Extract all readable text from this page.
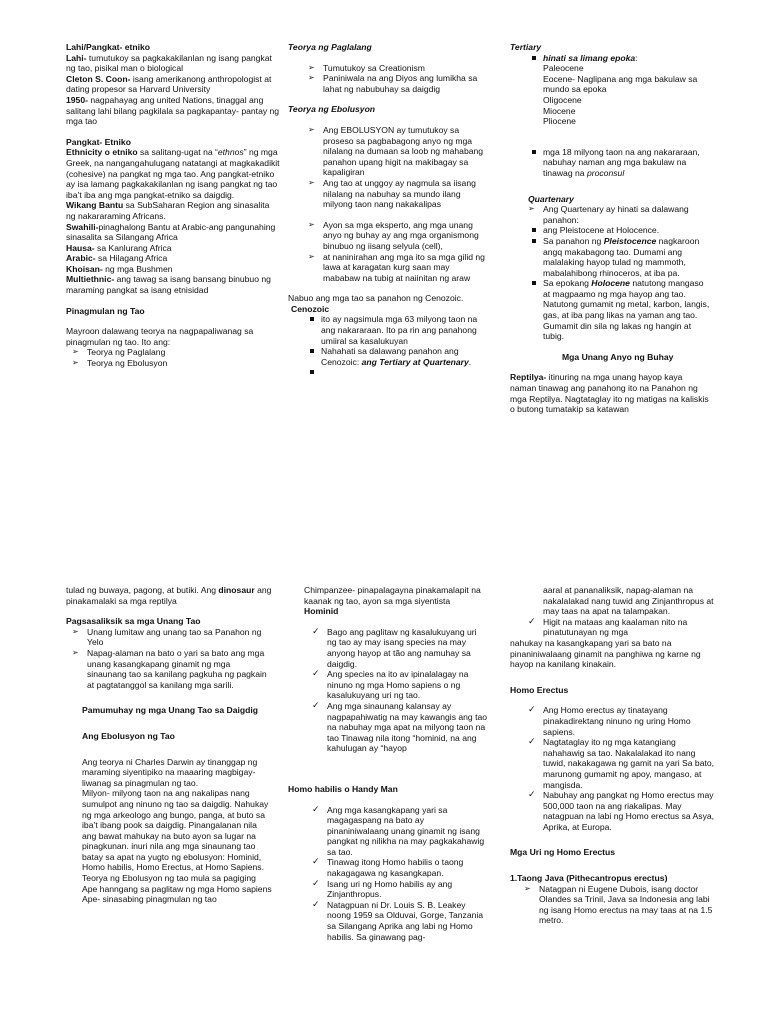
Lahi/Pangkat- etniko

Lahi- tumutukoy sa pagkakakilanlan ng isang pangkat ng tao, pisikal man o biological

Cleton S. Coon- isang amerikanong anthropologist at dating propesor sa Harvard University

1950- nagpahayag ang united Nations, tinaggal ang salitang lahi bilang pagkilala sa pagkapantay- pantay ng mga tao

Pangkat- Etniko

Ethnicity o etniko sa salitang-ugat na “ethnos” ng mga Greek, na nangangahulugang natatangi at magkakadikit (cohesive) na pangkat ng mga tao. Ang pangkat-etniko ay isa lamang pagkakakilanlan ng isang pangkat ng tao iba’t iba ang mga pangkat-etniko sa daigdig.

Wikang Bantu sa SubSaharan Region ang sinasalita ng nakararaming Africans.

Swahili-pinaghalong Bantu at Arabic-ang pangunahing sinasalita sa Silangang Africa

Hausa- sa Kanlurang Africa

Arabic- sa Hilagang Africa

Khoisan- ng mga Bushmen

Multiethnic- ang tawag sa isang bansang binubuo ng maraming pangkat sa isang etnisidad

Pinagmulan ng Tao

Mayroon dalawang teorya na nagpapaliwanag sa pinagmulan ng tao. Ito ang:

➢ Teorya ng Paglalang
➢ Teorya ng Ebolusyon

Teorya ng Paglalang

➢ Tumutukoy sa Creationism
➢ Paniniwala na ang Diyos ang lumikha sa lahat ng nabubuhay sa daigdig

Teorya ng Ebolusyon

➢ Ang EBOLUSYON ay tumutukoy sa proseso sa pagbabagong anyo ng mga nilalang na dumaan sa loob ng mahabang panahon upang higit na makibagay sa kapaligiran
➢ Ang tao at unggoy ay nagmula sa iisang nilalang na nabuhay sa mundo ilang milyong taon nang nakakalipas
➢ Ayon sa mga eksperto, ang mga unang anyo ng buhay ay ang mga organismong binubuo ng iisang selyula (cell),
➢ at naninirahan ang mga ito sa mga gilid ng lawa at karagatan kurg saan may mababaw na tubig at naiinitan ng araw

Nabuo ang mga tao sa panahon ng Cenozoic.

Cenozoic

ito ay nagsimula mga 63 milyong taon na ang nakararaan. Ito pa rin ang panahong umiiral sa kasalukuyan
Nahahati sa dalawang panahon ang Cenozoic: ang Tertiary at Quartenary.

Tertiary

hinati sa limang epoka:

Paleocene

Eocene- Naglipana ang mga bakulaw sa mundo sa epoka

Oligocene

Miocene

Pliocene

mga 18 milyong taon na ang nakararaan, nabuhay naman ang mga bakulaw na tinawag na proconsul

Quartenary

➢ Ang Quartenary ay hinati sa dalawang panahon:
ang Pleistocene at Holocence.
Sa panahon ng Pleistocence nagkaroon angq makabagong tao. Dumami ang malalaking hayop tulad ng mammoth, mabalahibong rhinoceros, at iba pa.
Sa epokang Holocene natutong mangaso at magpaamo ng mga hayop ang tao. Natutong gumamit ng metal, karbon, langis, gas, at iba pang likas na yaman ang tao. Gumamit din sila ng lakas ng hangin at tubig.

Mga Unang Anyo ng Buhay

Reptilya- itinuring na mga unang hayop kaya naman tinawag ang panahong ito na Panahon ng mga Reptilya. Nagtataglay ito ng matigas na kaliskis o butong tumatakip sa katawan

tulad ng buwaya, pagong, at butiki. Ang dinosaur ang pinakamalaki sa mga reptilya

Pagsasaliksik sa mga Unang Tao

➢ Unang lumitaw ang unang tao sa Panahon ng Yelo
➢ Napag-alaman na bato o yari sa bato ang mga unang kasangkapang ginamit ng mga sinaunang tao sa kanilang pagkuha ng pagkain at pagtatanggol sa kanilang mga sarili.

Pamumuhay ng mga Unang Tao sa Daigdig

Ang Ebolusyon ng Tao

Ang teorya ni Charles Darwin ay tinanggap ng maraming siyentipiko na maaaring magbigay- liwanag sa pinagmulan ng tao.

Milyon- milyong taon na ang nakalipas nang sumulpot ang ninuno ng tao sa daigdig. Nahukay ng mga arkeologo ang bungo, panga, at buto sa iba’t ibang pook sa daigdig. Pinangalanan nila ang bawat mahukay na buto ayon sa lugar na pinagkunan. inuri nila ang mga sinaunang tao batay sa apat na yugto ng ebolusyon: Hominid, Homo habilis, Homo Erectus, at Homo Sapiens.

Teorya ng Ebolusyon ng tao mula sa pagiging Ape hanngang sa paglitaw ng mga Homo sapiens

Ape- sinasabing pinagmulan ng tao

Chimpanzee- pinapalagayna pinakamalapit na kaanak ng tao, ayon sa mga siyentista

Hominid

✓ Bago ang paglitaw ng kasalukuyang uri ng tao ay may isang species na may anyong hayop at tão ang namuhay sa daigdig.
✓ Ang species na ito av ipinalalagay na ninuno ng mga Homo sapiens o ng kasalukuyang uri ng tao.
✓ Ang mga sinaunang kalansay ay nagpapahiwatig na may kawangis ang tao na nabuhay mga apat na milyong taon na tao Tinawag nila itong “hominid, na ang kahulugan ay “hayop

Homo habilis o Handy Man

✓ Ang mga kasangkapang yari sa magagaspang na bato ay pinaniniwalaang unang ginamit ng isang pangkat ng nilikha na may pagkakahawig sa tao.
✓ Tinawag itong Homo habilis o taong nakagagawa ng kasangkapan.
✓ Isang uri ng Homo habilis ay ang Zinjanthropus.
✓ Natagpuan ni Dr. Louis S. B. Leakey noong 1959 sa Olduvai, Gorge, Tanzania sa Silangang Aprika ang labi ng Homo habilis. Sa ginawang pag-

aaral at pananaliksik, napag-alaman na nakalalakad nang tuwid ang Zinjanthropus at may taas na apat na talampakan.

✓ Higit na mataas ang kaalaman nito na pinatutunayan ng mga

nahukay na kasangkapang yari sa bato na pinaniniwalaang ginamit na panghiwa ng karne ng hayop na kanilang kinakain.

Homo Erectus

✓ Ang Homo erectus ay tinatayang pinakadirektang ninuno ng uring Homo sapiens.
✓ Nagtataglay ito ng mga katangiang nahahawig sa tao. Nakalalakad ito nang tuwid, nakakagawa ng gamit na yari Sa bato, marunong gumamit ng apoy, mangaso, at mangisda.
✓ Nabuhay ang pangkat ng Homo erectus may 500,000 taon na ang riakalipas. May natagpuan na labi ng Homo erectus sa Asya, Aprika, at Europa.

Mga Uri ng Homo Erectus

1.Taong Java (Pithecantropus erectus)

➢ Natagpan ni Eugene Dubois, isang doctor Olandes sa Trinil, Java sa Indonesia ang labi ng isang Homo erectus na may taas at na 1.5 metro.
